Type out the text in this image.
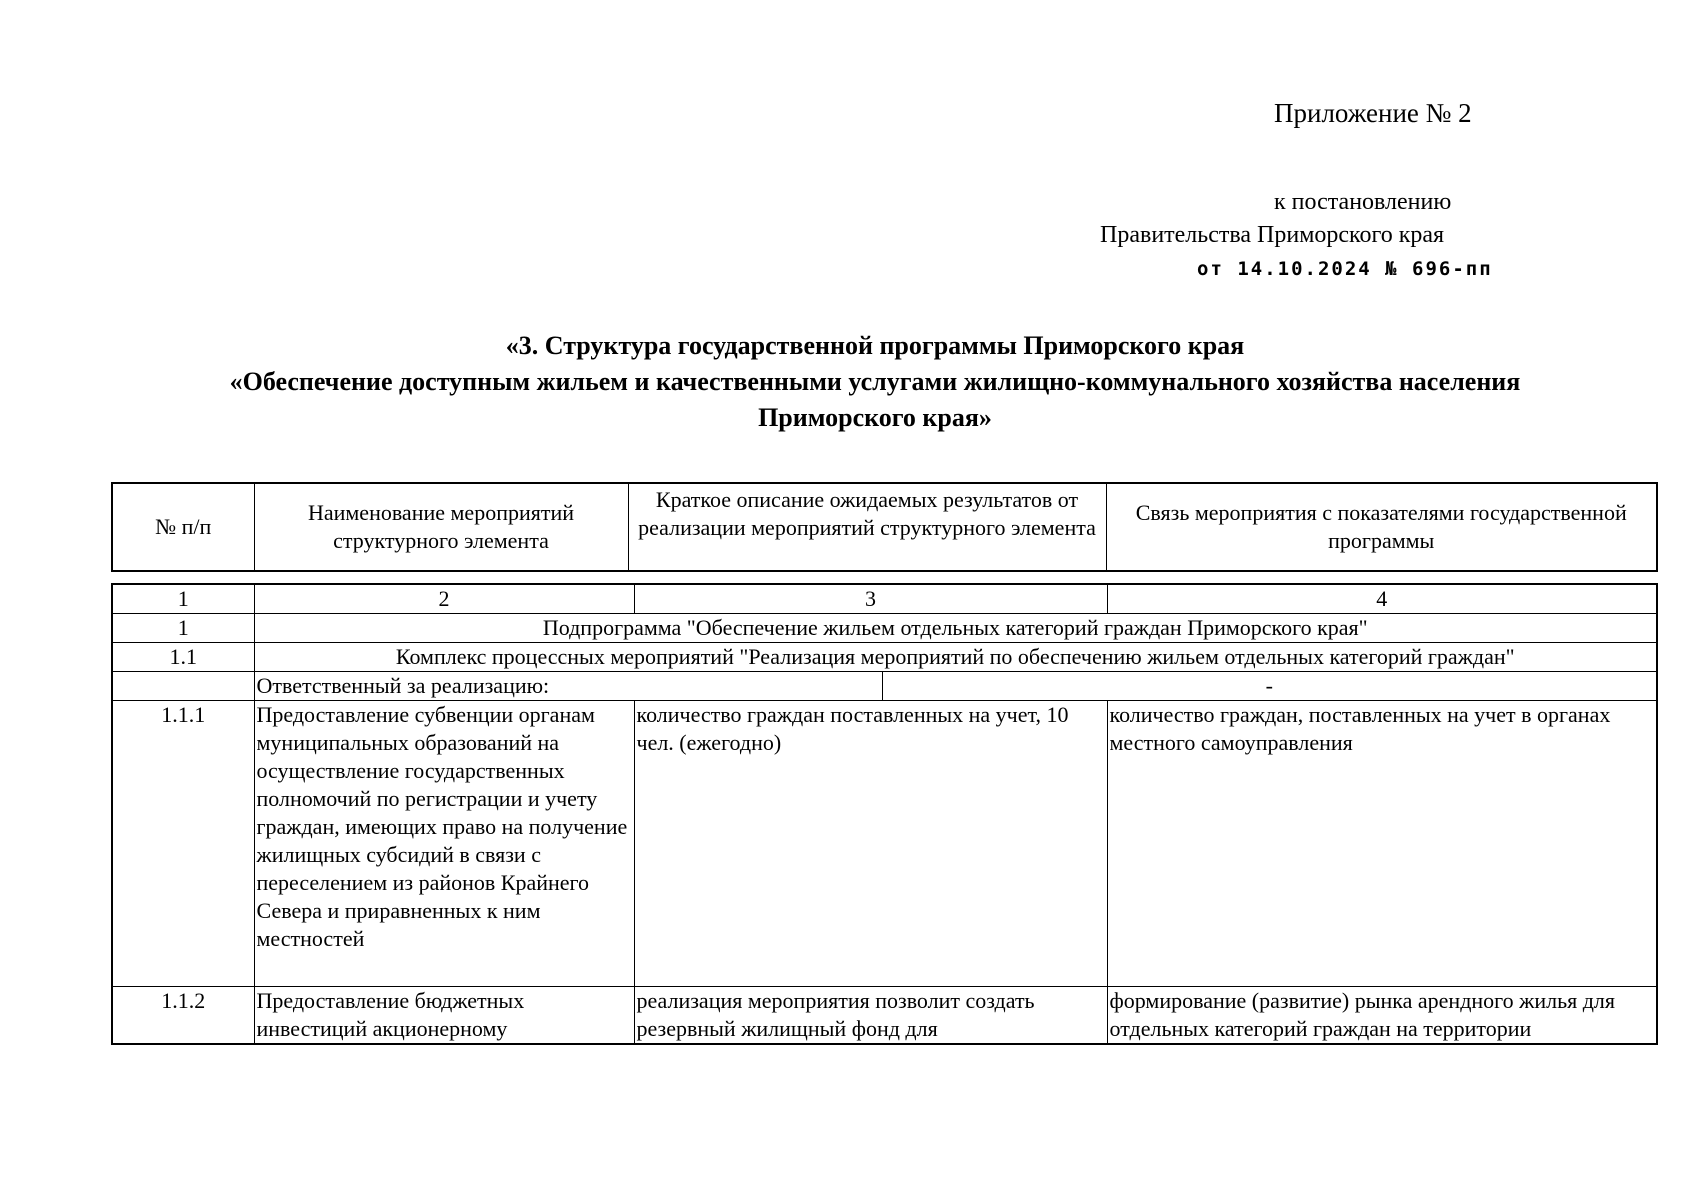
Приложение № 2
к постановлению
Правительства Приморского края
от 14.10.2024 № 696-пп
«3. Структура государственной программы Приморского края
«Обеспечение доступным жильем и качественными услугами жилищно-коммунального хозяйства населения
Приморского края»
№ п/п	Наименование мероприятий структурного элемента	Краткое описание ожидаемых результатов от реализации мероприятий структурного элемента	Связь мероприятия с показателями государственной программы
1	2	3		4
1	Подпрограмма "Обеспечение жильем отдельных категорий граждан Приморского края"			
1.1	Комплекс процессных мероприятий "Реализация мероприятий по обеспечению жильем отдельных категорий граждан"			
	Ответственный за реализацию:		-	
1.1.1	Предоставление субвенции органам муниципальных образований на осуществление государственных полномочий по регистрации и учету граждан, имеющих право на получение жилищных субсидий в связи с переселением из районов Крайнего Севера и приравненных к ним местностей	количество граждан поставленных на учет, 10 чел. (ежегодно)		количество граждан, поставленных на учет в органах местного самоуправления
1.1.2	Предоставление бюджетных инвестиций акционерному	реализация мероприятия позволит создать резервный жилищный фонд для		формирование (развитие) рынка арендного жилья для отдельных категорий граждан на территории
